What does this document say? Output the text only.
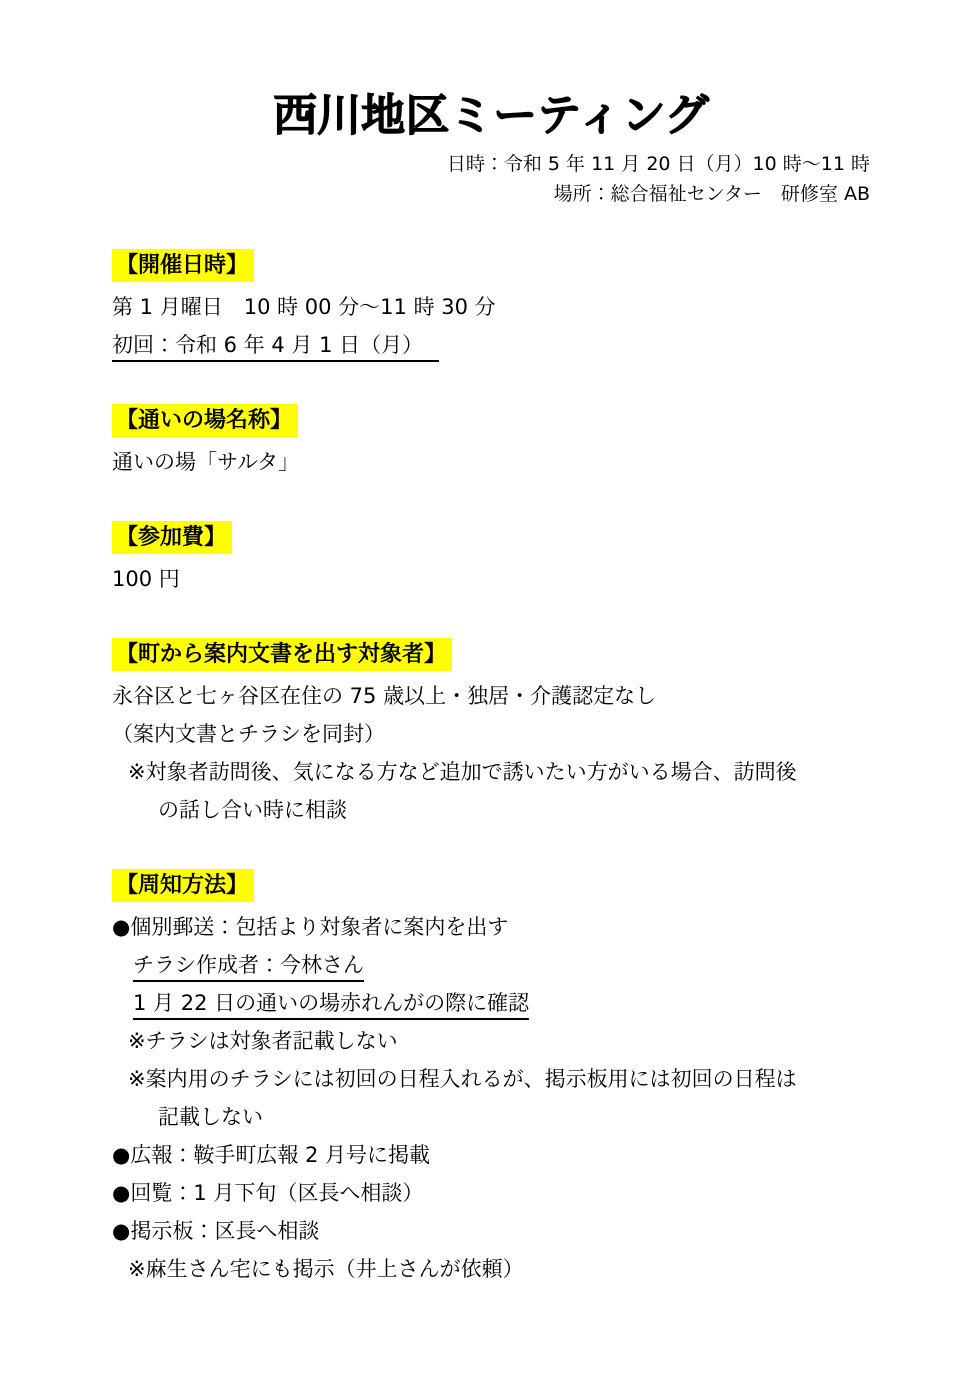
西川地区ミーティング
日時：令和 5 年 11 月 20 日（月）10 時～11 時
場所：総合福祉センター　研修室 AB
【開催日時】
第 1 月曜日　10 時 00 分～11 時 30 分
初回：令和 6 年 4 月 1 日（月）
【通いの場名称】
通いの場「サルタ」
【参加費】
100 円
【町から案内文書を出す対象者】
永谷区と七ヶ谷区在住の 75 歳以上・独居・介護認定なし
（案内文書とチラシを同封）
※対象者訪問後、気になる方など追加で誘いたい方がいる場合、訪問後
の話し合い時に相談
【周知方法】
●個別郵送：包括より対象者に案内を出す
チラシ作成者：今林さん
1 月 22 日の通いの場赤れんがの際に確認
※チラシは対象者記載しない
※案内用のチラシには初回の日程入れるが、掲示板用には初回の日程は
記載しない
●広報：鞍手町広報 2 月号に掲載
●回覧：1 月下旬（区長へ相談）
●掲示板：区長へ相談
※麻生さん宅にも掲示（井上さんが依頼）
